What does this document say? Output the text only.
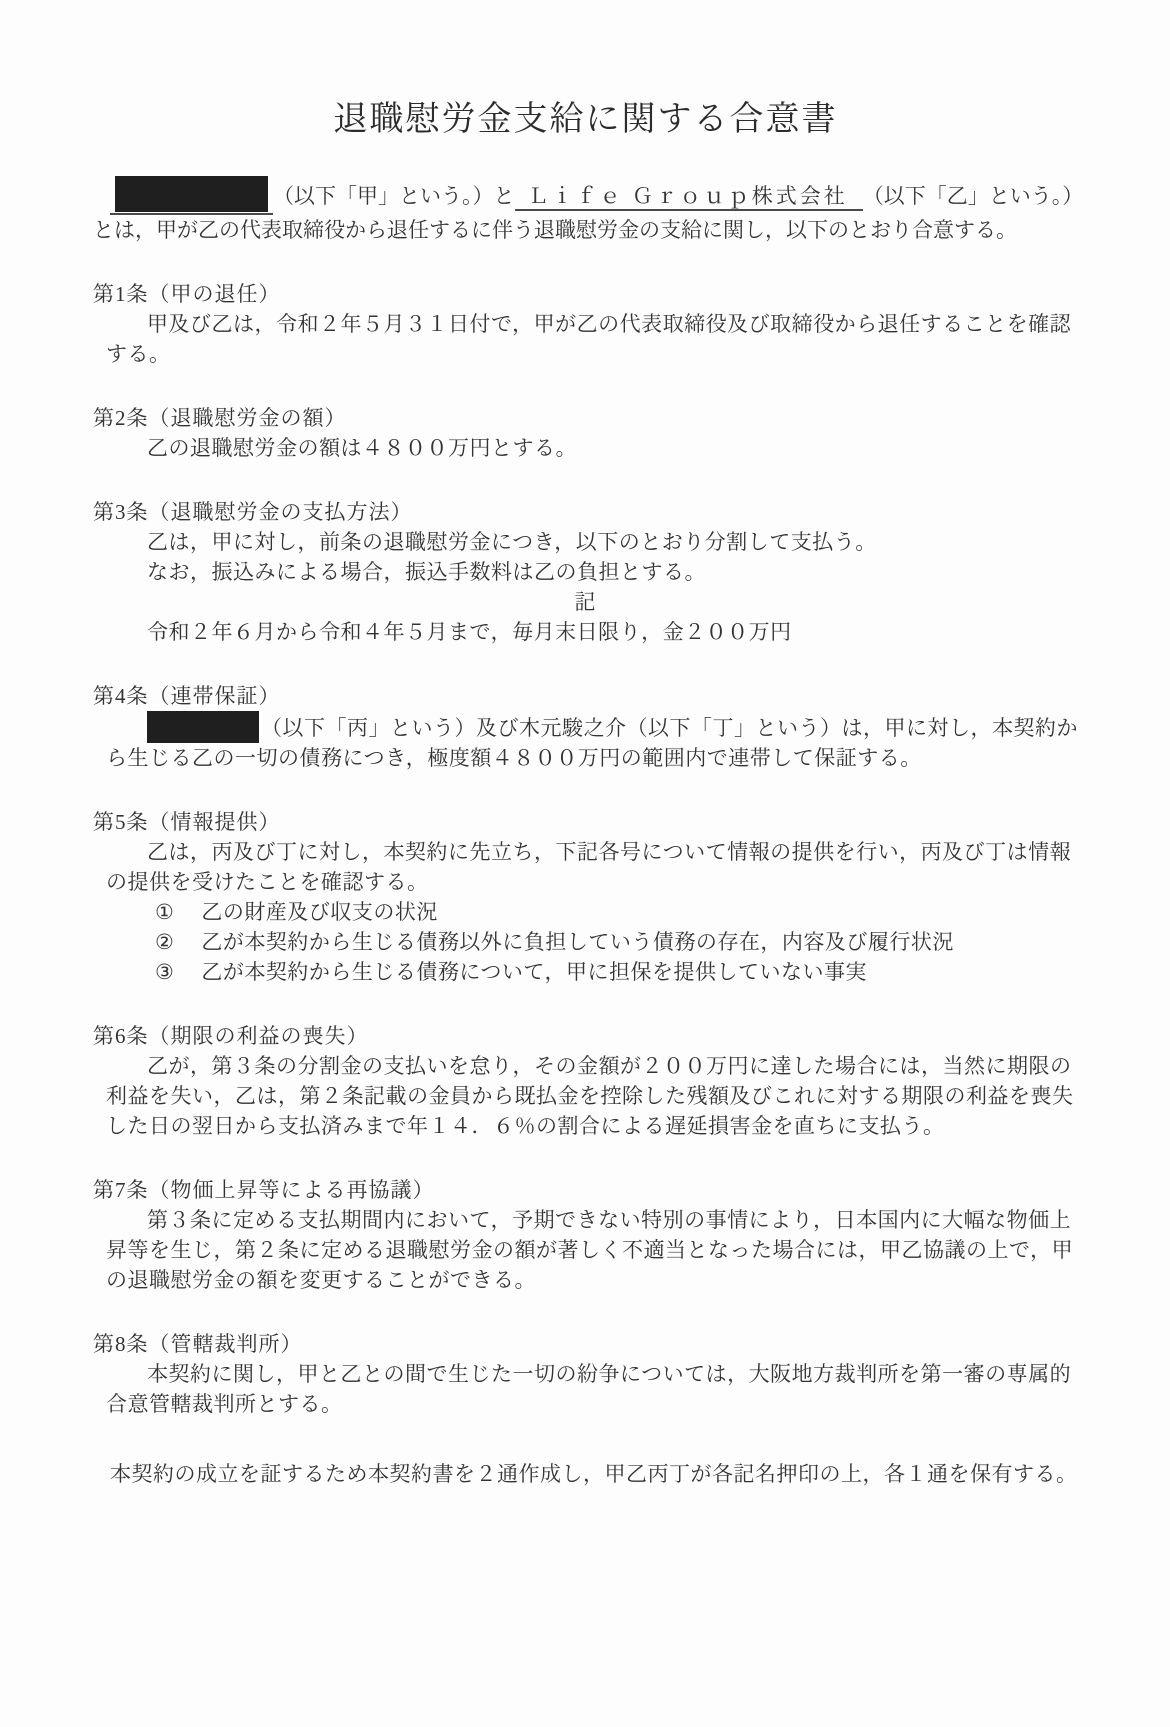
退職慰労金支給に関する合意書

（以下「甲」という。）と Ｌｉｆｅ Ｇｒｏｕｐ株式会社 （以下「乙」という。）とは，甲が乙の代表取締役から退任するに伴う退職慰労金の支給に関し，以下のとおり合意する。

第1条（甲の退任）

甲及び乙は，令和２年５月３１日付で，甲が乙の代表取締役及び取締役から退任することを確認する。

第2条（退職慰労金の額）

乙の退職慰労金の額は４８００万円とする。

第3条（退職慰労金の支払方法）

乙は，甲に対し，前条の退職慰労金につき，以下のとおり分割して支払う。

なお，振込みによる場合，振込手数料は乙の負担とする。

記

令和２年６月から令和４年５月まで，毎月末日限り，金２００万円

第4条（連帯保証）

（以下「丙」という）及び木元駿之介（以下「丁」という）は，甲に対し，本契約から生じる乙の一切の債務につき，極度額４８００万円の範囲内で連帯して保証する。

第5条（情報提供）

乙は，丙及び丁に対し，本契約に先立ち，下記各号について情報の提供を行い，丙及び丁は情報の提供を受けたことを確認する。

① 乙の財産及び収支の状況
② 乙が本契約から生じる債務以外に負担していう債務の存在，内容及び履行状況
③ 乙が本契約から生じる債務について，甲に担保を提供していない事実

第6条（期限の利益の喪失）

乙が，第３条の分割金の支払いを怠り，その金額が２００万円に達した場合には，当然に期限の利益を失い，乙は，第２条記載の金員から既払金を控除した残額及びこれに対する期限の利益を喪失した日の翌日から支払済みまで年１４．６％の割合による遅延損害金を直ちに支払う。

第7条（物価上昇等による再協議）

第３条に定める支払期間内において，予期できない特別の事情により，日本国内に大幅な物価上昇等を生じ，第２条に定める退職慰労金の額が著しく不適当となった場合には，甲乙協議の上で，甲の退職慰労金の額を変更することができる。

第8条（管轄裁判所）

本契約に関し，甲と乙との間で生じた一切の紛争については，大阪地方裁判所を第一審の専属的合意管轄裁判所とする。

本契約の成立を証するため本契約書を２通作成し，甲乙丙丁が各記名押印の上，各１通を保有する。
